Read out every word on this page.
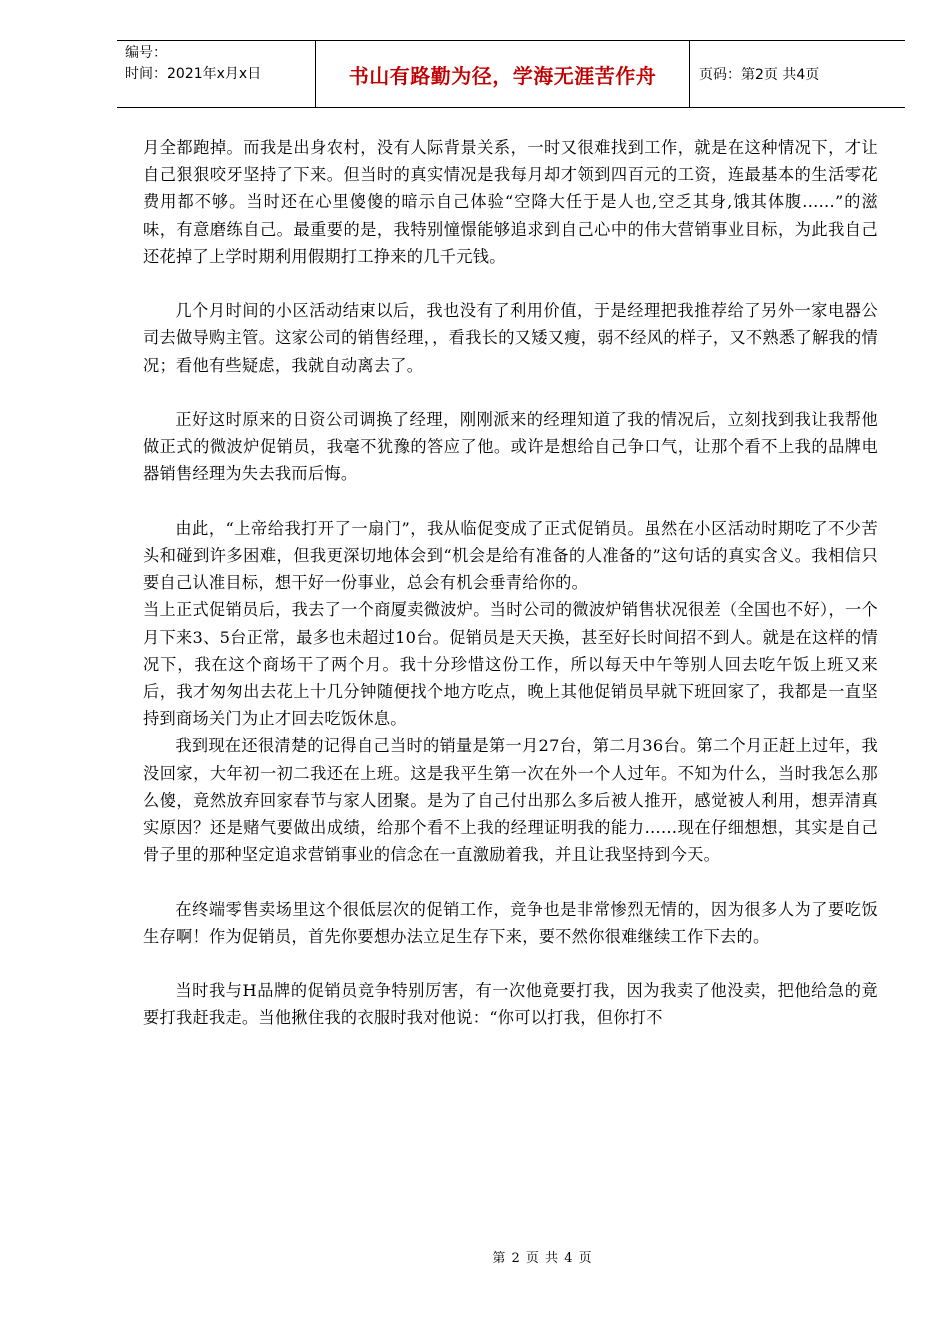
编号：
时间：2021年x月x日	书山有路勤为径，学海无涯苦作舟	页码：第2页 共4页

月全都跑掉。而我是出身农村，没有人际背景关系，一时又很难找到工作，就是在这种情况下，才让自己狠狠咬牙坚持了下来。但当时的真实情况是我每月却才领到四百元的工资，连最基本的生活零花费用都不够。当时还在心里傻傻的暗示自己体验“空降大任于是人也,空乏其身,饿其体腹......”的滋味，有意磨练自己。最重要的是，我特别憧憬能够追求到自己心中的伟大营销事业目标，为此我自己还花掉了上学时期利用假期打工挣来的几千元钱。

几个月时间的小区活动结束以后，我也没有了利用价值，于是经理把我推荐给了另外一家电器公司去做导购主管。这家公司的销售经理，，看我长的又矮又瘦，弱不经风的样子，又不熟悉了解我的情况；看他有些疑虑，我就自动离去了。

正好这时原来的日资公司调换了经理，刚刚派来的经理知道了我的情况后，立刻找到我让我帮他做正式的微波炉促销员，我毫不犹豫的答应了他。或许是想给自己争口气，让那个看不上我的品牌电器销售经理为失去我而后悔。

由此，“上帝给我打开了一扇门”，我从临促变成了正式促销员。虽然在小区活动时期吃了不少苦头和碰到许多困难，但我更深切地体会到“机会是给有准备的人准备的”这句话的真实含义。我相信只要自己认准目标，想干好一份事业，总会有机会垂青给你的。

当上正式促销员后，我去了一个商厦卖微波炉。当时公司的微波炉销售状况很差（全国也不好），一个月下来3、5台正常，最多也未超过10台。促销员是天天换，甚至好长时间招不到人。就是在这样的情况下，我在这个商场干了两个月。我十分珍惜这份工作，所以每天中午等别人回去吃午饭上班又来后，我才匆匆出去花上十几分钟随便找个地方吃点，晚上其他促销员早就下班回家了，我都是一直坚持到商场关门为止才回去吃饭休息。

我到现在还很清楚的记得自己当时的销量是第一月27台，第二月36台。第二个月正赶上过年，我没回家，大年初一初二我还在上班。这是我平生第一次在外一个人过年。不知为什么，当时我怎么那么傻，竟然放弃回家春节与家人团聚。是为了自己付出那么多后被人推开，感觉被人利用，想弄清真实原因？还是赌气要做出成绩，给那个看不上我的经理证明我的能力……现在仔细想想，其实是自己骨子里的那种坚定追求营销事业的信念在一直激励着我，并且让我坚持到今天。

在终端零售卖场里这个很低层次的促销工作，竞争也是非常惨烈无情的，因为很多人为了要吃饭生存啊！作为促销员，首先你要想办法立足生存下来，要不然你很难继续工作下去的。

当时我与H品牌的促销员竞争特别厉害，有一次他竟要打我，因为我卖了他没卖，把他给急的竟要打我赶我走。当他揪住我的衣服时我对他说：“你可以打我，但你打不

第 2 页 共 4 页
